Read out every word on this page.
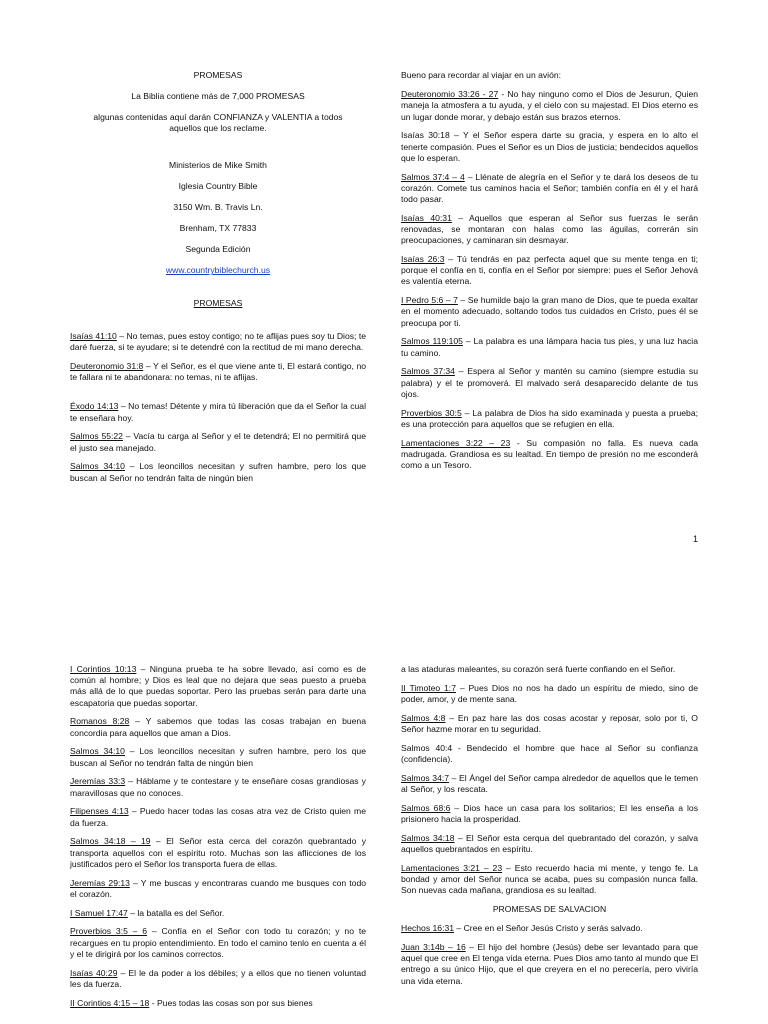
PROMESAS
La Biblia contiene más de 7,000 PROMESAS
algunas contenidas aquí darán CONFIANZA y VALENTIA a todos
aquellos que los reclame.
Ministerios de Mike Smith
Iglesia Country Bible
3150 Wm. B. Travis Ln.
Brenham, TX 77833
Segunda Edición
www.countrybiblechurch.us
PROMESAS

Isaías 41:10 – No temas, pues estoy contigo; no te aflijas pues soy tu Dios; te daré fuerza, si te ayudare; si te detendré con la rectitud de mi mano derecha.

Deuteronomio 31:8 – Y el Señor, es el que viene ante ti, El estará contigo, no te fallara ni te abandonara: no temas, ni te aflijas.

Éxodo 14:13 – No temas! Détente y mira tú liberación que da el Señor la cual te enseñara hoy.

Salmos 55:22 – Vacía tu carga al Señor y el te detendrá; El no permitirá que el justo sea manejado.

Salmos 34:10 – Los leoncillos necesitan y sufren hambre, pero los que buscan al Señor no tendrán falta de ningún bien

Bueno para recordar al viajar en un avión:

Deuteronomio 33:26 - 27 - No hay ninguno como el Dios de Jesurun, Quien maneja la atmosfera a tu ayuda, y el cielo con su majestad. El Dios eterno es un lugar donde morar, y debajo están sus brazos eternos.

Isaías 30:18 – Y el Señor espera darte su gracia, y espera en lo alto el tenerte compasión. Pues el Señor es un Dios de justicia; bendecidos aquellos que lo esperan.

Salmos 37:4 – 4 – Llénate de alegría en el Señor y te dará los deseos de tu corazón. Comete tus caminos hacia el Señor; también confía en él y el hará todo pasar.

Isaías 40:31 – Aquellos que esperan al Señor sus fuerzas le serán renovadas, se montaran con halas como las águilas, correrán sin preocupaciones, y caminaran sin desmayar.

Isaías 26:3 – Tú tendrás en paz perfecta aquel que su mente tenga en ti; porque el confía en ti, confía en el Señor por siempre: pues el Señor Jehová es valentía eterna.

I Pedro 5:6 – 7 – Se humilde bajo la gran mano de Dios, que te pueda exaltar en el momento adecuado, soltando todos tus cuidados en Cristo, pues él se preocupa por ti.

Salmos 119:105 – La palabra es una lámpara hacia tus pies, y una luz hacia tu camino.

Salmos 37:34 – Espera al Señor y mantén su camino (siempre estudia su palabra) y el te promoverá. El malvado será desaparecido delante de tus ojos.

Proverbios 30:5 – La palabra de Dios ha sido examinada y puesta a prueba; es una protección para aquellos que se refugien en ella.

Lamentaciones 3:22 – 23 - Su compasión no falla. Es nueva cada madrugada. Grandiosa es su lealtad. En tiempo de presión no me esconderá como a un Tesoro.

1

I Corintios 10:13 – Ninguna prueba te ha sobre llevado, así como es de común al hombre; y Dios es leal que no dejara que seas puesto a prueba más allá de lo que puedas soportar. Pero las pruebas serán para darte una escapatoria que puedas soportar.

Romanos 8:28 – Y sabemos que todas las cosas trabajan en buena concordia para aquellos que aman a Dios.

Salmos 34:10 – Los leoncillos necesitan y sufren hambre, pero los que buscan al Señor no tendrán falta de ningún bien

Jeremías 33:3 – Háblame y te contestare y te enseñare cosas grandiosas y maravillosas que no conoces.

Filipenses 4:13 – Puedo hacer todas las cosas atra vez de Cristo quien me da fuerza.

Salmos 34:18 – 19 – El Señor esta cerca del corazón quebrantado y transporta aquellos con el espíritu roto. Muchas son las aflicciones de los justificados pero el Señor los transporta fuera de ellas.

Jeremías 29:13 – Y me buscas y encontraras cuando me busques con todo el corazón.

I Samuel 17:47 – la batalla es del Señor.

Proverbios 3:5 – 6 – Confía en el Señor con todo tu corazón; y no te recargues en tu propio entendimiento. En todo el camino tenlo en cuenta a él y el te dirigirá por los caminos correctos.

Isaías 40:29 – El le da poder a los débiles; y a ellos que no tienen voluntad les da fuerza.

II Corintios 4:15 – 18 - Pues todas las cosas son por sus bienes

a las ataduras maleantes, su corazón será fuerte confiando en el Señor.

II Timoteo 1:7 – Pues Dios no nos ha dado un espíritu de miedo, sino de poder, amor, y de mente sana.

Salmos 4:8 – En paz hare las dos cosas acostar y reposar, solo por ti, O Señor hazme morar en tu seguridad.

Salmos 40:4 - Bendecido el hombre que hace al Señor su confianza (confidencia).

Salmos 34:7 – El Ángel del Señor campa alrededor de aquellos que le temen al Señor, y los rescata.

Salmos 68:6 – Dios hace un casa para los solitarios; El les enseña a los prisionero hacia la prosperidad.

Salmos 34:18 – El Señor esta cerqua del quebrantado del corazón, y salva aquellos quebrantados en espíritu.

Lamentaciones 3:21 – 23 – Esto recuerdo hacia mi mente, y tengo fe. La bondad y amor del Señor nunca se acaba, pues su compasión nunca falla. Son nuevas cada mañana, grandiosa es su lealtad.

PROMESAS DE SALVACION

Hechos 16:31 – Cree en el Señor Jesús Cristo y serás salvado.

Juan 3:14b – 16 – El hijo del hombre (Jesús) debe ser levantado para que aquel que cree en El tenga vida eterna. Pues Dios amo tanto al mundo que El entrego a su único Hijo, que el que creyera en el no perecería, pero viviría una vida eterna.
